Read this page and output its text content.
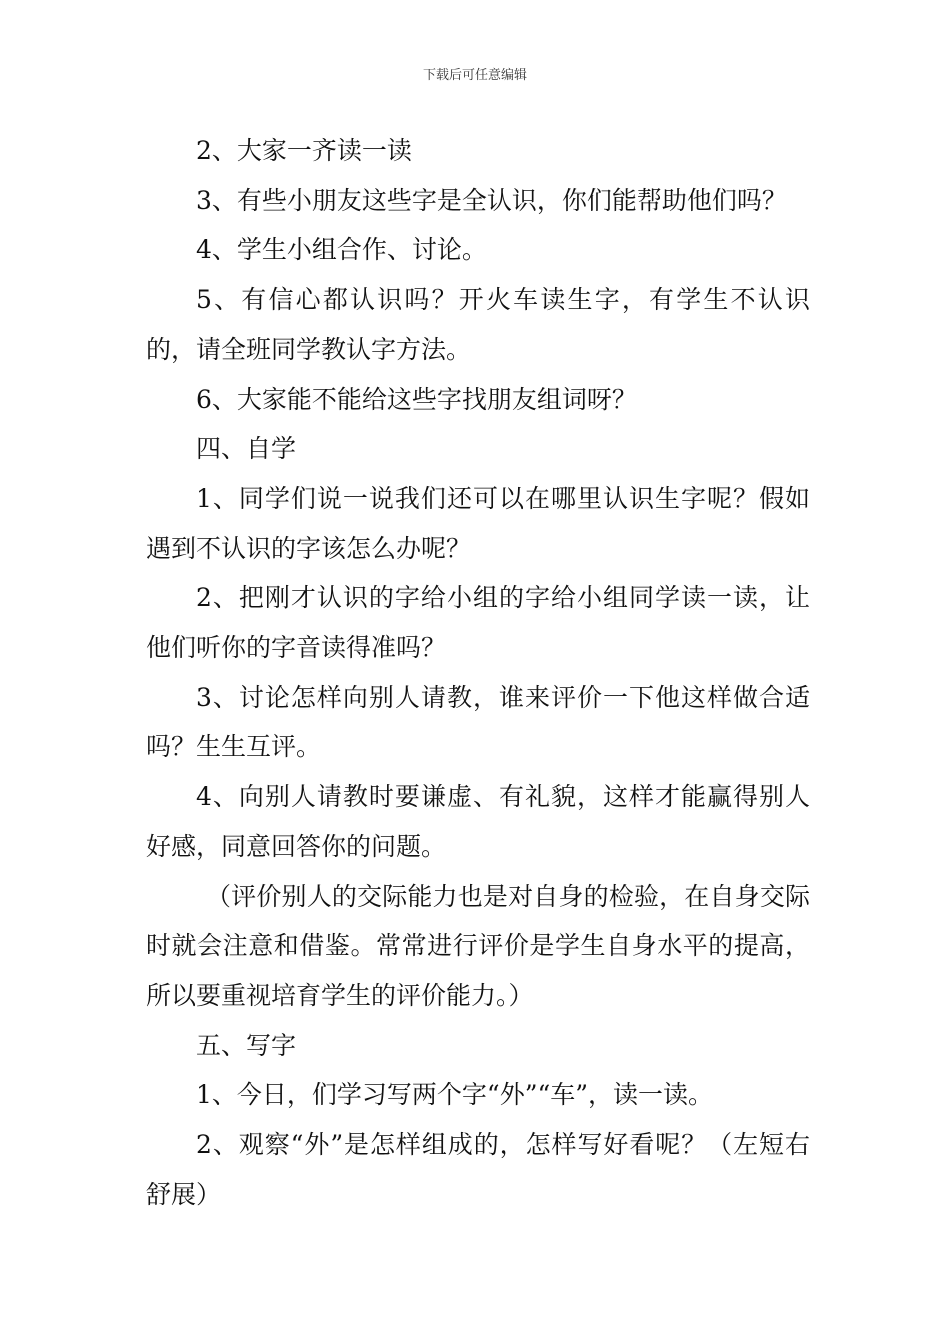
下载后可任意编辑

2、大家一齐读一读

3、有些小朋友这些字是全认识，你们能帮助他们吗？

4、学生小组合作、讨论。

5、有信心都认识吗？开火车读生字，有学生不认识的，请全班同学教认字方法。

6、大家能不能给这些字找朋友组词呀？

四、自学

1、同学们说一说我们还可以在哪里认识生字呢？假如遇到不认识的字该怎么办呢？

2、把刚才认识的字给小组的字给小组同学读一读，让他们听你的字音读得准吗？

3、讨论怎样向别人请教，谁来评价一下他这样做合适吗？生生互评。

4、向别人请教时要谦虚、有礼貌，这样才能赢得别人好感，同意回答你的问题。

（评价别人的交际能力也是对自身的检验，在自身交际时就会注意和借鉴。常常进行评价是学生自身水平的提高，所以要重视培育学生的评价能力。）

五、写字

1、今日，们学习写两个字“外”“车”，读一读。

2、观察“外”是怎样组成的，怎样写好看呢？（左短右舒展）
